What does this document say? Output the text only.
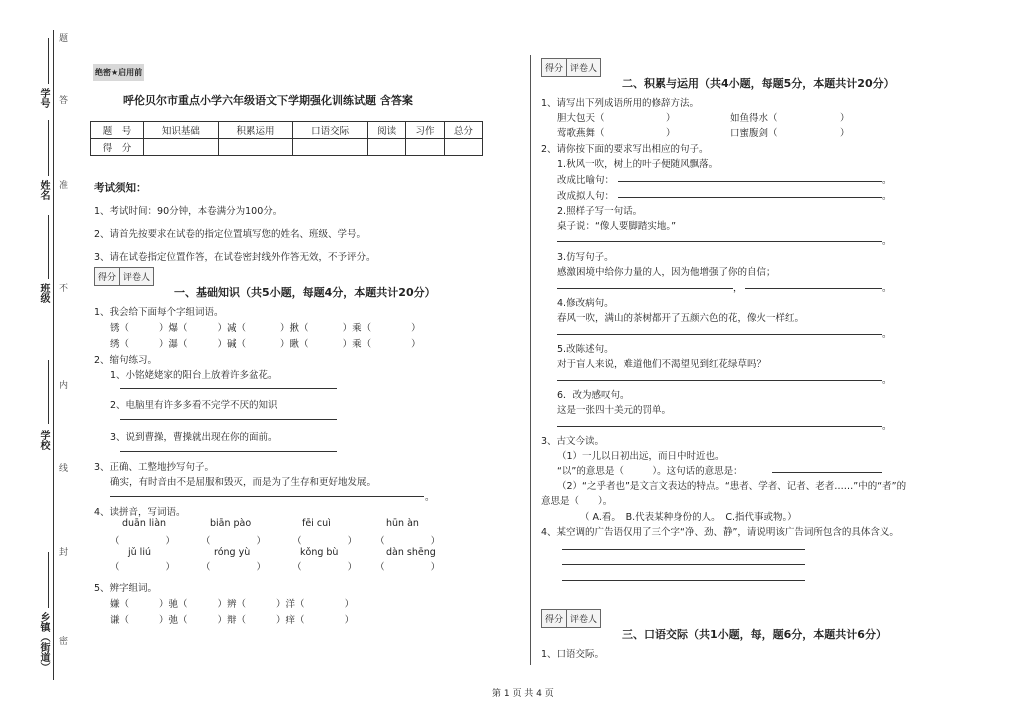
题
学号 答
姓名 准
班级 不
内
学校
线
封
乡镇（街道） 密
绝密★启用前
呼伦贝尔市重点小学六年级语文下学期强化训练试题 含答案
题　号	知识基础	积累运用	口语交际	阅读	习作	总分
得　分						
考试须知：
1、考试时间：90分钟，本卷满分为100分。
2、请首先按要求在试卷的指定位置填写您的姓名、班级、学号。
3、请在试卷指定位置作答，在试卷密封线外作答无效，不予评分。
得分 评卷人
一、基础知识（共5小题，每题4分，本题共计20分）
1、我会给下面每个字组词语。
锈（	）爆（	）减（	）揪（	）乘（	）
绣（	）瀑（	）碱（	）瞅（	）乘（	）
2、缩句练习。
1、小铭姥姥家的阳台上放着许多盆花。
2、电脑里有许多多看不完学不厌的知识
3、说到曹操，曹操就出现在你的面前。
3、正确、工整地抄写句子。
确实，有时音由不是屈服和毁灭，而是为了生存和更好地发展。
。
4、读拼音，写词语。
duān liàn	biān pào	fēi cuì	hūn àn
（	）	（	）	（	） （	）
jǔ liú	róng yù	kǒng bù	dàn shēng
（	）	（	）	（	） （	）
5、辨字组词。
嫌（	）驰（	）辨（	）洋（	）
谦（	）弛（	）辩（	）痒（	）
得分 评卷人
二、积累与运用（共4小题，每题5分，本题共计20分）
1、请写出下列成语所用的修辞方法。
胆大包天（	）	如鱼得水（	）
莺歌燕舞（	）	口蜜腹剑（	）
2、请你按下面的要求写出相应的句子。
1.秋风一吹，树上的叶子便随风飘落。
改成比喻句：	。
改成拟人句：	。
2.照样子写一句话。
桌子说：“像人要脚踏实地。”
。
3.仿写句子。
感激困境中给你力量的人，因为他增强了你的自信；
，	。
4.修改病句。
春风一吹，满山的茶树都开了五颜六色的花，像火一样红。
。
5.改陈述句。
对于盲人来说，难道他们不渴望见到红花绿草吗？
。
6．改为感叹句。
这是一张四十美元的罚单。
。
3、古文今读。
（1）一儿以日初出远，而日中时近也。
“以”的意思是（　　　）。这句话的意思是：
（2）“之乎者也”是文言文表达的特点。“患者、学者、记者、老者……”中的“者”的
意思是（　　）。
（ A.看。　B.代表某种身份的人。　C.指代事或物。）
4、某空调的广告语仅用了三个字“净、劲、静”，请说明该广告词所包含的具体含义。
得分 评卷人
三、口语交际（共1小题，每，题6分，本题共计6分）
1、口语交际。
第 1 页 共 4 页
